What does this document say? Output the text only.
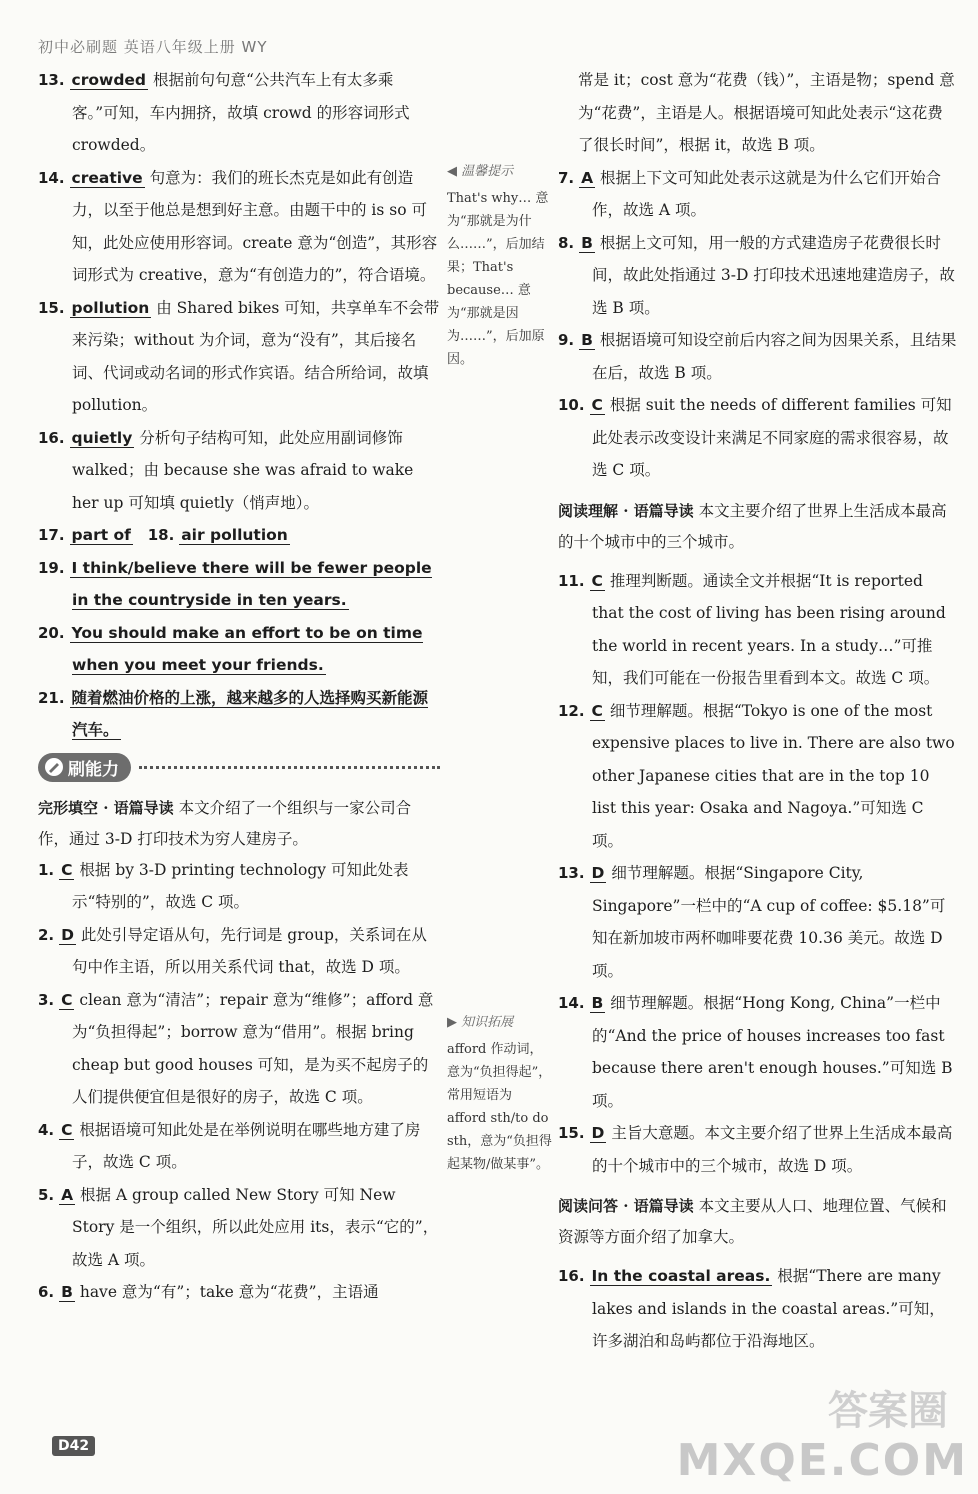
初中必刷题 英语八年级上册 WY

13. crowded 根据前句句意“公共汽车上有太多乘客。”可知，车内拥挤，故填 crowd 的形容词形式 crowded。

14. creative 句意为：我们的班长杰克是如此有创造力，以至于他总是想到好主意。由题干中的 is so 可知，此处应使用形容词。create 意为“创造”，其形容词形式为 creative，意为“有创造力的”，符合语境。

15. pollution 由 Shared bikes 可知，共享单车不会带来污染；without 为介词，意为“没有”，其后接名词、代词或动名词的形式作宾语。结合所给词，故填 pollution。

16. quietly 分析句子结构可知，此处应用副词修饰 walked；由 because she was afraid to wake her up 可知填 quietly（悄声地）。

17. part of 18. air pollution

19. I think/believe there will be fewer people in the countryside in ten years.

20. You should make an effort to be on time when you meet your friends.

21. 随着燃油价格的上涨，越来越多的人选择购买新能源汽车。

刷能力

完形填空 · 语篇导读 本文介绍了一个组织与一家公司合作，通过 3-D 打印技术为穷人建房子。

1. C 根据 by 3-D printing technology 可知此处表示“特别的”，故选 C 项。

2. D 此处引导定语从句，先行词是 group，关系词在从句中作主语，所以用关系代词 that，故选 D 项。

3. C clean 意为“清洁”；repair 意为“维修”；afford 意为“负担得起”；borrow 意为“借用”。根据 bring cheap but good houses 可知，是为买不起房子的人们提供便宜但是很好的房子，故选 C 项。

4. C 根据语境可知此处是在举例说明在哪些地方建了房子，故选 C 项。

5. A 根据 A group called New Story 可知 New Story 是一个组织，所以此处应用 its，表示“它的”，故选 A 项。

6. B have 意为“有”；take 意为“花费”，主语通

◀ 温馨提示
That's why… 意为“那就是为什么……”，后加结果；That's because… 意为“那就是因为……”，后加原因。
▶ 知识拓展
afford 作动词，意为“负担得起”，常用短语为 afford sth/to do sth，意为“负担得起某物/做某事”。

常是 it；cost 意为“花费（钱）”，主语是物；spend 意为“花费”，主语是人。根据语境可知此处表示“这花费了很长时间”，根据 it，故选 B 项。

7. A 根据上下文可知此处表示这就是为什么它们开始合作，故选 A 项。

8. B 根据上文可知，用一般的方式建造房子花费很长时间，故此处指通过 3-D 打印技术迅速地建造房子，故选 B 项。

9. B 根据语境可知设空前后内容之间为因果关系，且结果在后，故选 B 项。

10. C 根据 suit the needs of different families 可知此处表示改变设计来满足不同家庭的需求很容易，故选 C 项。

阅读理解 · 语篇导读 本文主要介绍了世界上生活成本最高的十个城市中的三个城市。

11. C 推理判断题。通读全文并根据“It is reported that the cost of living has been rising around the world in recent years. In a study…”可推知，我们可能在一份报告里看到本文。故选 C 项。

12. C 细节理解题。根据“Tokyo is one of the most expensive places to live in. There are also two other Japanese cities that are in the top 10 list this year: Osaka and Nagoya.”可知选 C 项。

13. D 细节理解题。根据“Singapore City, Singapore”一栏中的“A cup of coffee: $5.18”可知在新加坡市两杯咖啡要花费 10.36 美元。故选 D 项。

14. B 细节理解题。根据“Hong Kong, China”一栏中的“And the price of houses increases too fast because there aren't enough houses.”可知选 B 项。

15. D 主旨大意题。本文主要介绍了世界上生活成本最高的十个城市中的三个城市，故选 D 项。

阅读问答 · 语篇导读 本文主要从人口、地理位置、气候和资源等方面介绍了加拿大。

16. In the coastal areas. 根据“There are many lakes and islands in the coastal areas.”可知，许多湖泊和岛屿都位于沿海地区。

D42
答案圈
MXQE.COM
